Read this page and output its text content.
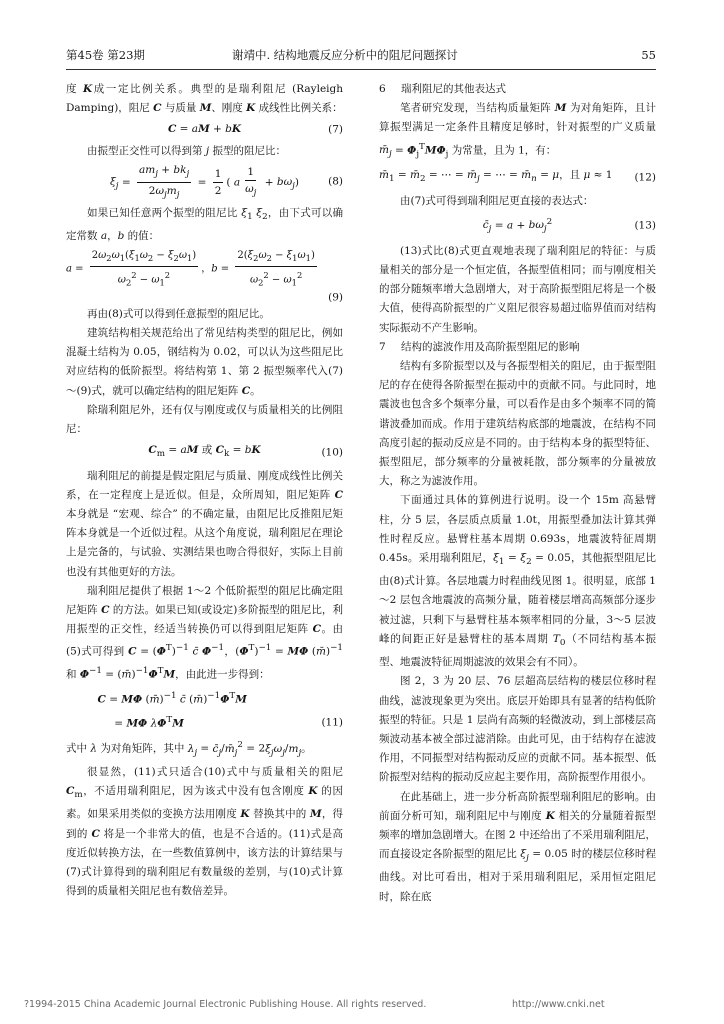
第45卷 第23期	谢靖中. 结构地震反应分析中的阻尼问题探讨	55

度 K成一定比例关系。典型的是瑞利阻尼 (Rayleigh Damping)，阻尼 C 与质量 M、刚度 K 成线性比例关系：

C = aM + bK	(7)

由振型正交性可以得到第 j 振型的阻尼比：

$\xi_j = \frac{am_j + bk_j}{2\omega_jm_j} = \frac{1}{2}$ ( a $\frac{1}{\omega_j} + b\omega_j$)	(8)

如果已知任意两个振型的阻尼比 $\xi_1$ $\xi_2$，由下式可以确定常数 a，b 的值：

$a = \frac{2\omega_2\omega_1(\xi_1\omega_2 - \xi_2\omega_1)}{\omega_2^2 - \omega_1^2}$ ，$b = \frac{2(\xi_2\omega_2 - \xi_1\omega_1)}{\omega_2^2 - \omega_1^2}$
(9)

再由(8)式可以得到任意振型的阻尼比。

建筑结构相关规范给出了常见结构类型的阻尼比，例如混凝土结构为 0.05，钢结构为 0.02，可以认为这些阻尼比对应结构的低阶振型。将结构第 1、第 2 振型频率代入(7)～(9)式，就可以确定结构的阻尼矩阵 C。

除瑞利阻尼外，还有仅与刚度或仅与质量相关的比例阻尼：

$C_m$ = aM 或 $C_k$ = bK	(10)

瑞利阻尼的前提是假定阻尼与质量、刚度成线性比例关系，在一定程度上是近似。但是，众所周知，阻尼矩阵 C 本身就是 “宏观、综合” 的不确定量，由阻尼比反推阻尼矩阵本身就是一个近似过程。从这个角度说，瑞利阻尼在理论上是完备的，与试验、实测结果也吻合得很好，实际上目前也没有其他更好的方法。

瑞利阻尼提供了根据 1～2 个低阶振型的阻尼比确定阻尼矩阵 C 的方法。如果已知(或设定)多阶振型的阻尼比，利用振型的正交性，经适当转换仍可以得到阻尼矩阵 C。由(5)式可得到 $C = (\Phi^T)^{-1}$ c̄ $\Phi^{-1}$，$(\Phi^T)^{-1} = M\Phi$ (m̄)$^{-1}$ 和 $\Phi^{-1}$ = $(m̄)^{-1}\Phi^TM$，由此进一步得到：

C = MΦ (m̄)$^{-1}$ c̄ $(m̄)^{-1}\Phi^TM$
= MΦ $\lambda\Phi^TM$	(11)

式中 λ 为对角矩阵，其中 $\lambda_j$ = $c̄_j/m̄_j^2 = 2\xi_j\omega_j/m_j$。

很显然，(11)式只适合(10)式中与质量相关的阻尼 $C_m$，不适用瑞利阻尼，因为该式中没有包含刚度 K 的因素。如果采用类似的变换方法用刚度 K 替换其中的 M，得到的 C 将是一个非常大的值，也是不合适的。(11)式是高度近似转换方法，在一些数值算例中，该方法的计算结果与(7)式计算得到的瑞利阻尼有数量级的差别，与(10)式计算得到的质量相关阻尼也有数倍差异。

6 瑞利阻尼的其他表达式

笔者研究发现，当结构质量矩阵 M 为对角矩阵，且计算振型满足一定条件且精度足够时，针对振型的广义质量 $m̄_j = \Phi_j^TM\Phi_j$ 为常量，且为 1，有：

$m̄_1$ = $m̄_2$ = ⋯ = $m̄_j$ = ⋯ = $m̄_n = \mu$，且 μ ≈ 1 (12)

由(7)式可得到瑞利阻尼更直接的表达式：

$c̄_j = a + b\omega_j^2$	(13)

(13)式比(8)式更直观地表现了瑞利阻尼的特征：与质量相关的部分是一个恒定值，各振型值相同；而与刚度相关的部分随频率增大急剧增大，对于高阶振型阻尼将是一个极大值，使得高阶振型的广义阻尼很容易超过临界值而对结构实际振动不产生影响。

7 结构的滤波作用及高阶振型阻尼的影响

结构有多阶振型以及与各振型相关的阻尼，由于振型阻尼的存在使得各阶振型在振动中的贡献不同。与此同时，地震波也包含多个频率分量，可以看作是由多个频率不同的简谐波叠加而成。作用于建筑结构底部的地震波，在结构不同高度引起的振动反应是不同的。由于结构本身的振型特征、振型阻尼，部分频率的分量被耗散，部分频率的分量被放大，称之为滤波作用。

下面通过具体的算例进行说明。设一个 15m 高悬臂柱，分 5 层，各层质点质量 1.0t，用振型叠加法计算其弹性时程反应。悬臂柱基本周期 0.693s，地震波特征周期 0.45s。采用瑞利阻尼，$\xi_1 = \xi_2 = 0.05$，其他振型阻尼比由(8)式计算。各层地震力时程曲线见图 1。很明显，底部 1～2 层包含地震波的高频分量，随着楼层增高高频部分逐步被过滤，只剩下与悬臂柱基本频率相同的分量，3～5 层波峰的间距正好是悬臂柱的基本周期 $T_0$（不同结构基本振型、地震波特征周期滤波的效果会有不同）。

图 2，3 为 20 层、76 层超高层结构的楼层位移时程曲线，滤波现象更为突出。底层开始即具有显著的结构低阶振型的特征。只是 1 层尚有高频的轻微波动，到上部楼层高频波动基本被全部过滤消除。由此可见，由于结构存在滤波作用，不同振型对结构振动反应的贡献不同。基本振型、低阶振型对结构的振动反应起主要作用，高阶振型作用很小。

在此基础上，进一步分析高阶振型瑞利阻尼的影响。由前面分析可知，瑞利阻尼中与刚度 K 相关的分量随着振型频率的增加急剧增大。在图 2 中还给出了不采用瑞利阻尼，而直接设定各阶振型的阻尼比 $\xi_j = 0.05$ 时的楼层位移时程曲线。对比可看出，相对于采用瑞利阻尼，采用恒定阻尼时，除在底

?1994-2015 China Academic Journal Electronic Publishing House. All rights reserved.	http://www.cnki.net
